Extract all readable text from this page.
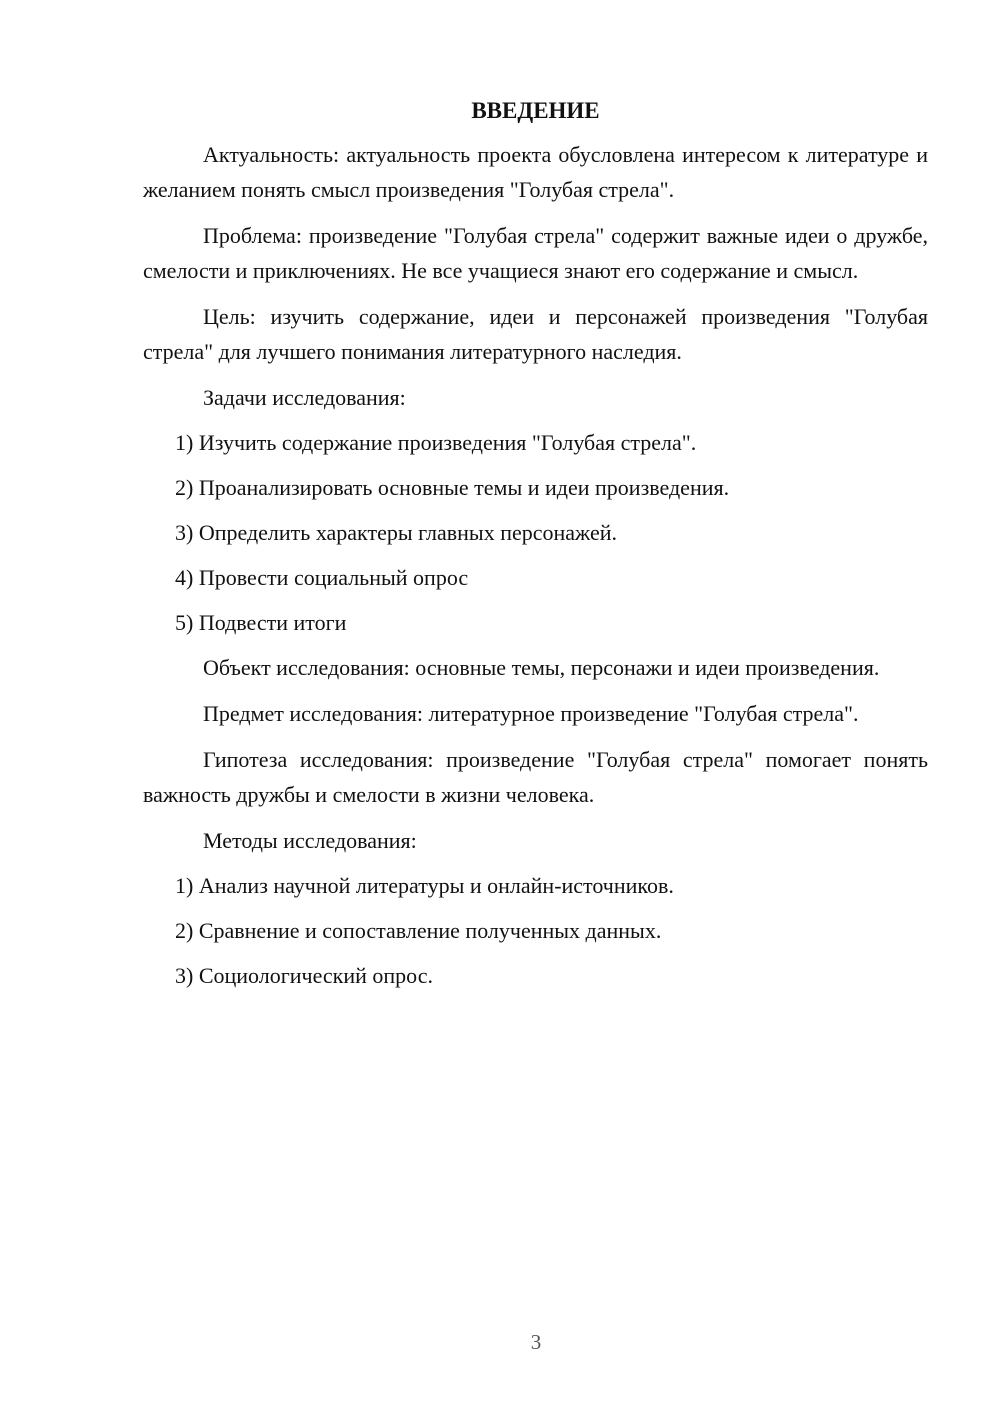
ВВЕДЕНИЕ

Актуальность: актуальность проекта обусловлена интересом к литературе и желанием понять смысл произведения "Голубая стрела".

Проблема: произведение "Голубая стрела" содержит важные идеи о дружбе, смелости и приключениях. Не все учащиеся знают его содержание и смысл.

Цель: изучить содержание, идеи и персонажей произведения "Голубая стрела" для лучшего понимания литературного наследия.

Задачи исследования:

1) Изучить содержание произведения "Голубая стрела".
2) Проанализировать основные темы и идеи произведения.
3) Определить характеры главных персонажей.
4) Провести социальный опрос
5) Подвести итоги

Объект исследования: основные темы, персонажи и идеи произведения.

Предмет исследования: литературное произведение "Голубая стрела".

Гипотеза исследования: произведение "Голубая стрела" помогает понять важность дружбы и смелости в жизни человека.

Методы исследования:

1) Анализ научной литературы и онлайн-источников.
2) Сравнение и сопоставление полученных данных.
3) Социологический опрос.
3
